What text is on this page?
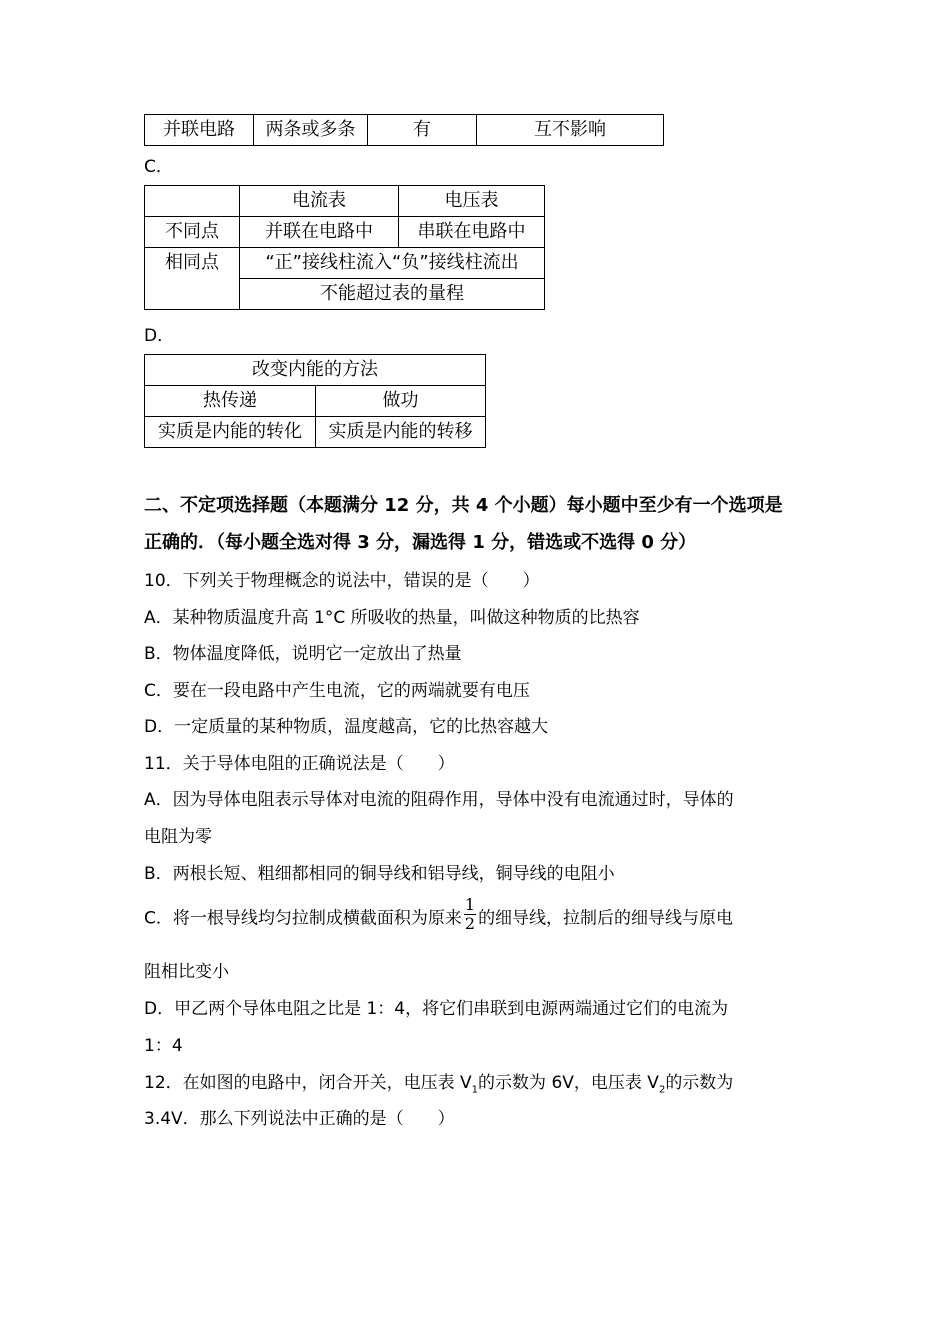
并联电路	两条或多条	有	互不影响
C．
	电流表	电压表
不同点	并联在电路中	串联在电路中
相同点	“正”接线柱流入“负”接线柱流出	
	不能超过表的量程	
D．
改变内能的方法	
热传递	做功
实质是内能的转化	实质是内能的转移
二、不定项选择题（本题满分 12 分，共 4 个小题）每小题中至少有一个选项是
正确的．（每小题全选对得 3 分，漏选得 1 分，错选或不选得 0 分）
10．下列关于物理概念的说法中，错误的是（　　）
A．某种物质温度升高 1°C 所吸收的热量，叫做这种物质的比热容
B．物体温度降低，说明它一定放出了热量
C．要在一段电路中产生电流，它的两端就要有电压
D．一定质量的某种物质，温度越高，它的比热容越大
11．关于导体电阻的正确说法是（　　）
A．因为导体电阻表示导体对电流的阻碍作用，导体中没有电流通过时，导体的
电阻为零
B．两根长短、粗细都相同的铜导线和铝导线，铜导线的电阻小
C．将一根导线均匀拉制成横截面积为原来 $\frac{1}{2}$ 的细导线，拉制后的细导线与原电
阻相比变小
D．甲乙两个导体电阻之比是 1：4，将它们串联到电源两端通过它们的电流为
1：4
12．在如图的电路中，闭合开关，电压表 $V_1$的示数为 6V，电压表 $V_2$的示数为
3.4V．那么下列说法中正确的是（　　）
